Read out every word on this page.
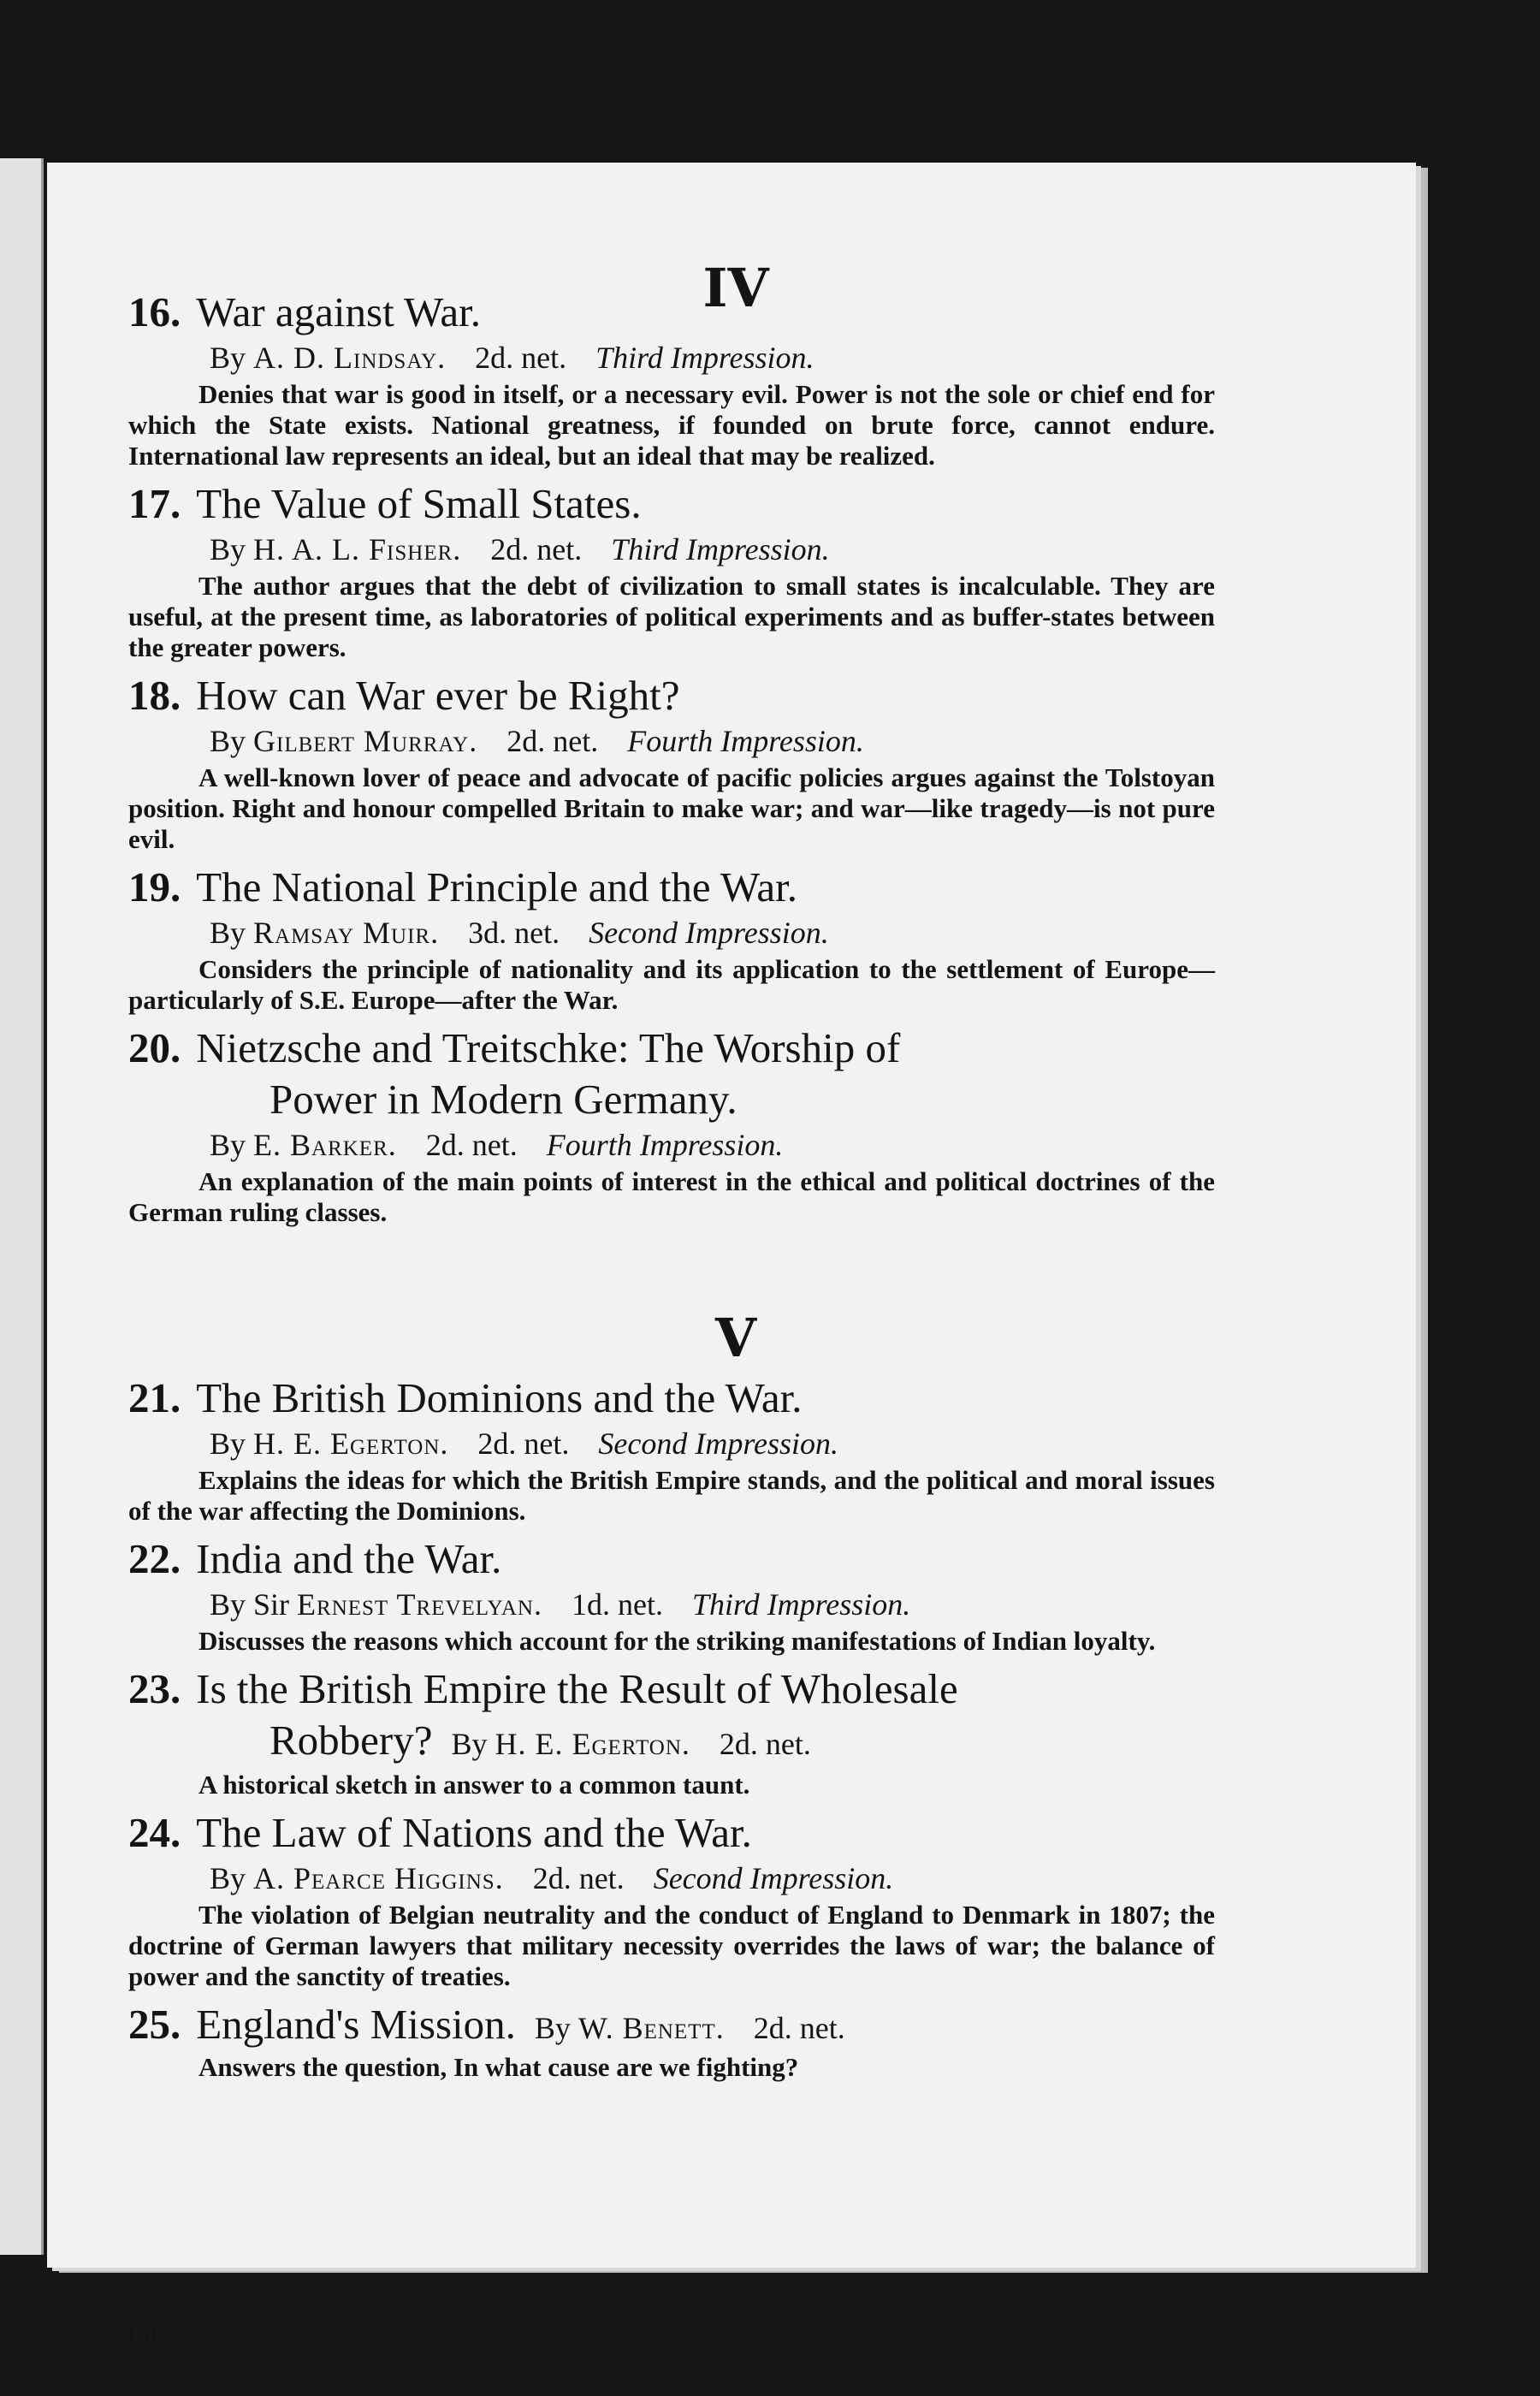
IV

16. War against War.

By A. D. Lindsay. 2d. net. Third Impression.

Denies that war is good in itself, or a necessary evil. Power is not the sole or chief end for which the State exists. National greatness, if founded on brute force, cannot endure. International law represents an ideal, but an ideal that may be realized.

17. The Value of Small States.

By H. A. L. Fisher. 2d. net. Third Impression.

The author argues that the debt of civilization to small states is incalculable. They are useful, at the present time, as laboratories of political experiments and as buffer-states between the greater powers.

18. How can War ever be Right?

By Gilbert Murray. 2d. net. Fourth Impression.

A well-known lover of peace and advocate of pacific policies argues against the Tolstoyan position. Right and honour compelled Britain to make war; and war—like tragedy—is not pure evil.

19. The National Principle and the War.

By Ramsay Muir. 3d. net. Second Impression.

Considers the principle of nationality and its application to the settlement of Europe—particularly of S.E. Europe—after the War.

20. Nietzsche and Treitschke: The Worship of
Power in Modern Germany.

By E. Barker. 2d. net. Fourth Impression.

An explanation of the main points of interest in the ethical and political doctrines of the German ruling classes.

V

21. The British Dominions and the War.

By H. E. Egerton. 2d. net. Second Impression.

Explains the ideas for which the British Empire stands, and the political and moral issues of the war affecting the Dominions.

22. India and the War.

By Sir Ernest Trevelyan. 1d. net. Third Impression.

Discusses the reasons which account for the striking manifestations of Indian loyalty.

23. Is the British Empire the Result of Wholesale
Robbery? By H. E. Egerton. 2d. net.

A historical sketch in answer to a common taunt.

24. The Law of Nations and the War.

By A. Pearce Higgins. 2d. net. Second Impression.

The violation of Belgian neutrality and the conduct of England to Denmark in 1807; the doctrine of German lawyers that military necessity overrides the laws of war; the balance of power and the sanctity of treaties.

25. England's Mission. By W. Benett. 2d. net.

Answers the question, In what cause are we fighting?

[b]
